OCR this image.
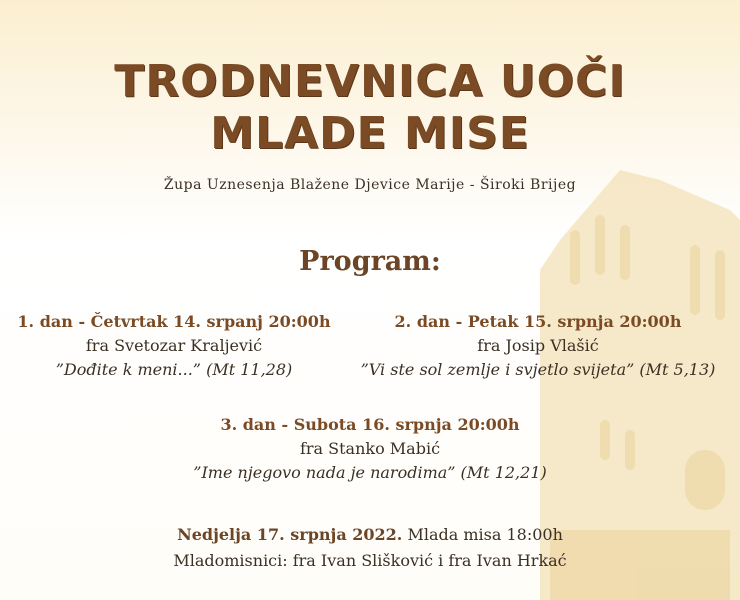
TRODNEVNICA UOČI
MLADE MISE
Župa Uznesenja Blažene Djevice Marije - Široki Brijeg
Program:
1. dan - Četvrtak 14. srpanj 20:00h
fra Svetozar Kraljević
”Dođite k meni...” (Mt 11,28)
2. dan - Petak 15. srpnja 20:00h
fra Josip Vlašić
”Vi ste sol zemlje i svjetlo svijeta” (Mt 5,13)
3. dan - Subota 16. srpnja 20:00h
fra Stanko Mabić
”Ime njegovo nada je narodima” (Mt 12,21)
Nedjelja 17. srpnja 2022. Mlada misa 18:00h
Mladomisnici: fra Ivan Slišković i fra Ivan Hrkać
